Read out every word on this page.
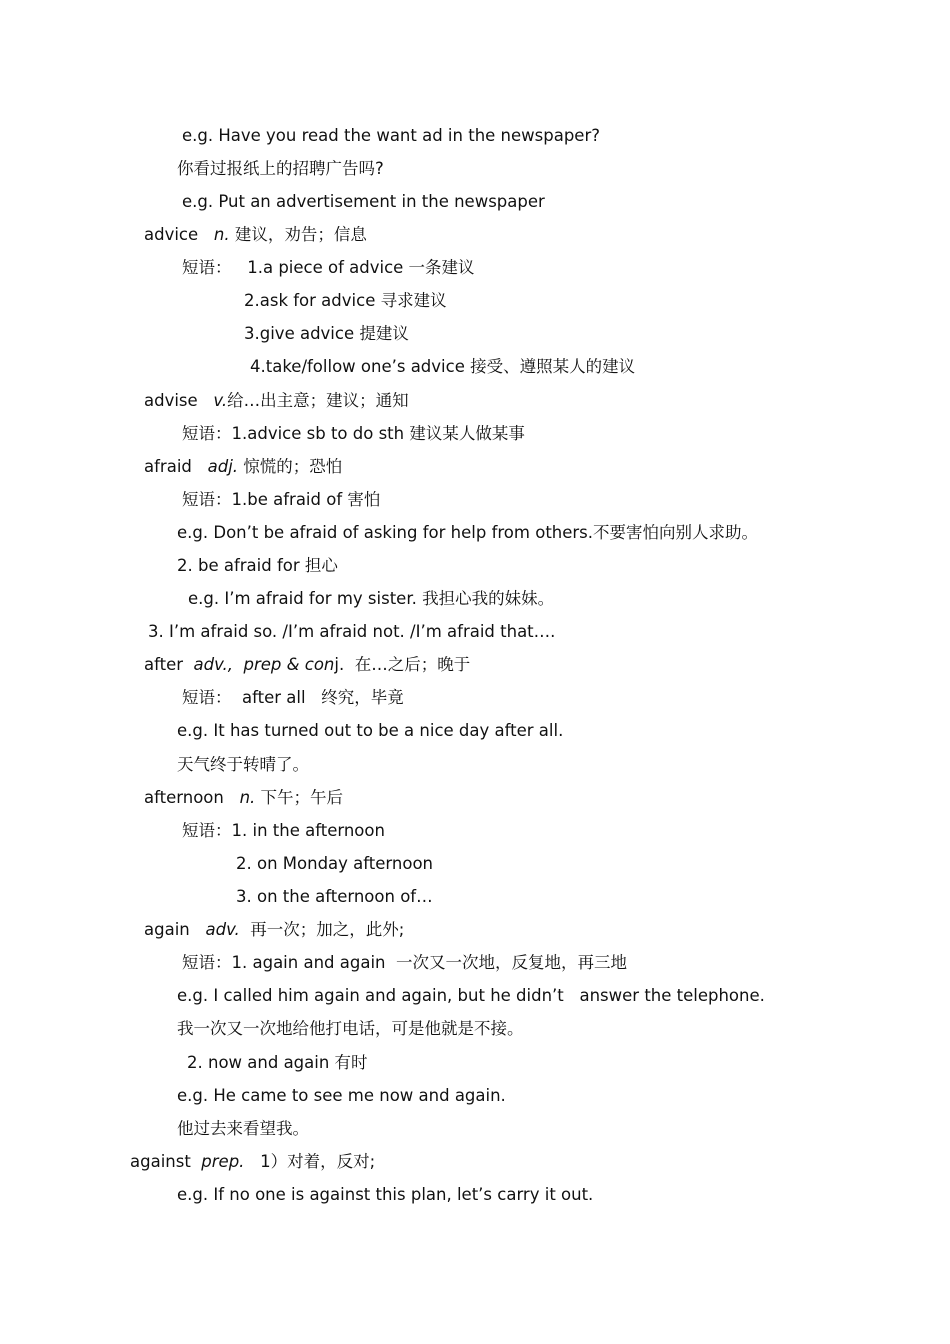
e.g. Have you read the want ad in the newspaper?
你看过报纸上的招聘广告吗?
e.g. Put an advertisement in the newspaper
advice   n. 建议，劝告；信息
短语：   1.a piece of advice 一条建议
2.ask for advice 寻求建议
3.give advice 提建议
4.take/follow one’s advice 接受、遵照某人的建议
advise   v.给…出主意；建议；通知
短语：1.advice sb to do sth 建议某人做某事
afraid   adj. 惊慌的；恐怕
短语：1.be afraid of 害怕
e.g. Don’t be afraid of asking for help from others.不要害怕向别人求助。
2. be afraid for 担心
e.g. I’m afraid for my sister. 我担心我的妹妹。
3. I’m afraid so. /I’m afraid not. /I’m afraid that….
after  adv.,  prep & conj.  在…之后；晚于
短语：  after all   终究，毕竟
e.g. It has turned out to be a nice day after all.
天气终于转晴了。
afternoon   n. 下午；午后
短语：1. in the afternoon
2. on Monday afternoon
3. on the afternoon of…
again   adv.  再一次；加之，此外;
短语：1. again and again  一次又一次地，反复地，再三地
e.g. I called him again and again, but he didn’t   answer the telephone.
我一次又一次地给他打电话，可是他就是不接。
2. now and again 有时
e.g. He came to see me now and again.
他过去来看望我。
against  prep.   1）对着，反对;
e.g. If no one is against this plan, let’s carry it out.
